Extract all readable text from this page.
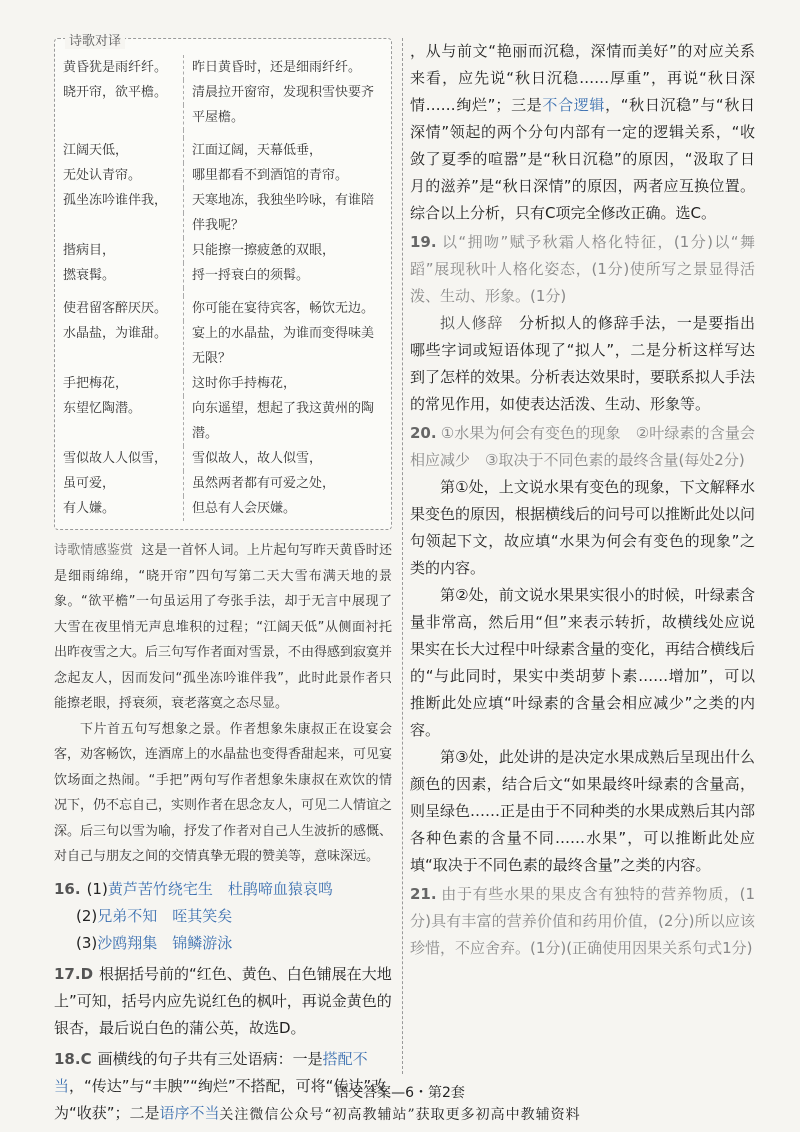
诗歌对译
黄昏犹是雨纤纤。	昨日黄昏时，还是细雨纤纤。
晓开帘，欲平檐。	清晨拉开窗帘，发现积雪快要齐
平屋檐。
江阔天低，	江面辽阔，天幕低垂，
无处认青帘。	哪里都看不到酒馆的青帘。
孤坐冻吟谁伴我，	天寒地冻，我独坐吟咏，有谁陪
伴我呢？
揩病目，	只能擦一擦疲惫的双眼，
撚衰髯。	捋一捋衰白的须髯。
使君留客醉厌厌。	你可能在宴待宾客，畅饮无边。
水晶盐，为谁甜。	宴上的水晶盐，为谁而变得味美无限？
手把梅花，	这时你手持梅花，
东望忆陶潜。	向东遥望，想起了我这黄州的陶潜。
雪似故人人似雪，	雪似故人，故人似雪，
虽可爱，	虽然两者都有可爱之处，
有人嫌。	但总有人会厌嫌。

诗歌情感鉴赏 这是一首怀人词。上片起句写昨天黄昏时还是细雨绵绵，“晓开帘”四句写第二天大雪布满天地的景象。“欲平檐”一句虽运用了夸张手法，却于无言中展现了大雪在夜里悄无声息堆积的过程；“江阔天低”从侧面衬托出昨夜雪之大。后三句写作者面对雪景，不由得感到寂寞并念起友人，因而发问“孤坐冻吟谁伴我”，此时此景作者只能擦老眼，捋衰须，衰老落寞之态尽显。

下片首五句写想象之景。作者想象朱康叔正在设宴会客，劝客畅饮，连酒席上的水晶盐也变得香甜起来，可见宴饮场面之热闹。“手把”两句写作者想象朱康叔在欢饮的情况下，仍不忘自己，实则作者在思念友人，可见二人情谊之深。后三句以雪为喻，抒发了作者对自己人生波折的感慨、对自己与朋友之间的交情真挚无瑕的赞美等，意味深远。

16. (1)黄芦苦竹绕宅生　杜鹃啼血猿哀鸣
(2)兄弟不知　咥其笑矣
(3)沙鸥翔集　锦鳞游泳
17.D 根据括号前的“红色、黄色、白色铺展在大地上”可知，括号内应先说红色的枫叶，再说金黄色的银杏，最后说白色的蒲公英，故选D。
18.C 画横线的句子共有三处语病：一是搭配不当，“传达”与“丰腴”“绚烂”不搭配，可将“传达”改为“收获”；二是语序不当

，从与前文“艳丽而沉稳，深情而美好”的对应关系来看，应先说“秋日沉稳……厚重”，再说“秋日深情……绚烂”；三是不合逻辑，“秋日沉稳”与“秋日深情”领起的两个分句内部有一定的逻辑关系，“收敛了夏季的喧嚣”是“秋日沉稳”的原因，“汲取了日月的滋养”是“秋日深情”的原因，两者应互换位置。综合以上分析，只有C项完全修改正确。选C。

19. 以“拥吻”赋予秋霜人格化特征，(1分)以“舞蹈”展现秋叶人格化姿态，(1分)使所写之景显得活泼、生动、形象。(1分)

拟人修辞　 分析拟人的修辞手法，一是要指出哪些字词或短语体现了“拟人”，二是分析这样写达到了怎样的效果。分析表达效果时，要联系拟人手法的常见作用，如使表达活泼、生动、形象等。

20. ①水果为何会有变色的现象　②叶绿素的含量会相应减少　③取决于不同色素的最终含量(每处2分)

第①处，上文说水果有变色的现象，下文解释水果变色的原因，根据横线后的问号可以推断此处以问句领起下文，故应填“水果为何会有变色的现象”之类的内容。

第②处，前文说水果果实很小的时候，叶绿素含量非常高，然后用“但”来表示转折，故横线处应说果实在长大过程中叶绿素含量的变化，再结合横线后的“与此同时，果实中类胡萝卜素……增加”，可以推断此处应填“叶绿素的含量会相应减少”之类的内容。

第③处，此处讲的是决定水果成熟后呈现出什么颜色的因素，结合后文“如果最终叶绿素的含量高，则呈绿色……正是由于不同种类的水果成熟后其内部各种色素的含量不同……水果”，可以推断此处应填“取决于不同色素的最终含量”之类的内容。

21. 由于有些水果的果皮含有独特的营养物质，(1分)具有丰富的营养价值和药用价值，(2分)所以应该珍惜，不应舍弃。(1分)(正确使用因果关系句式1分)

语文答案—6・第2套
关注微信公众号“初高教辅站”获取更多初高中教辅资料
